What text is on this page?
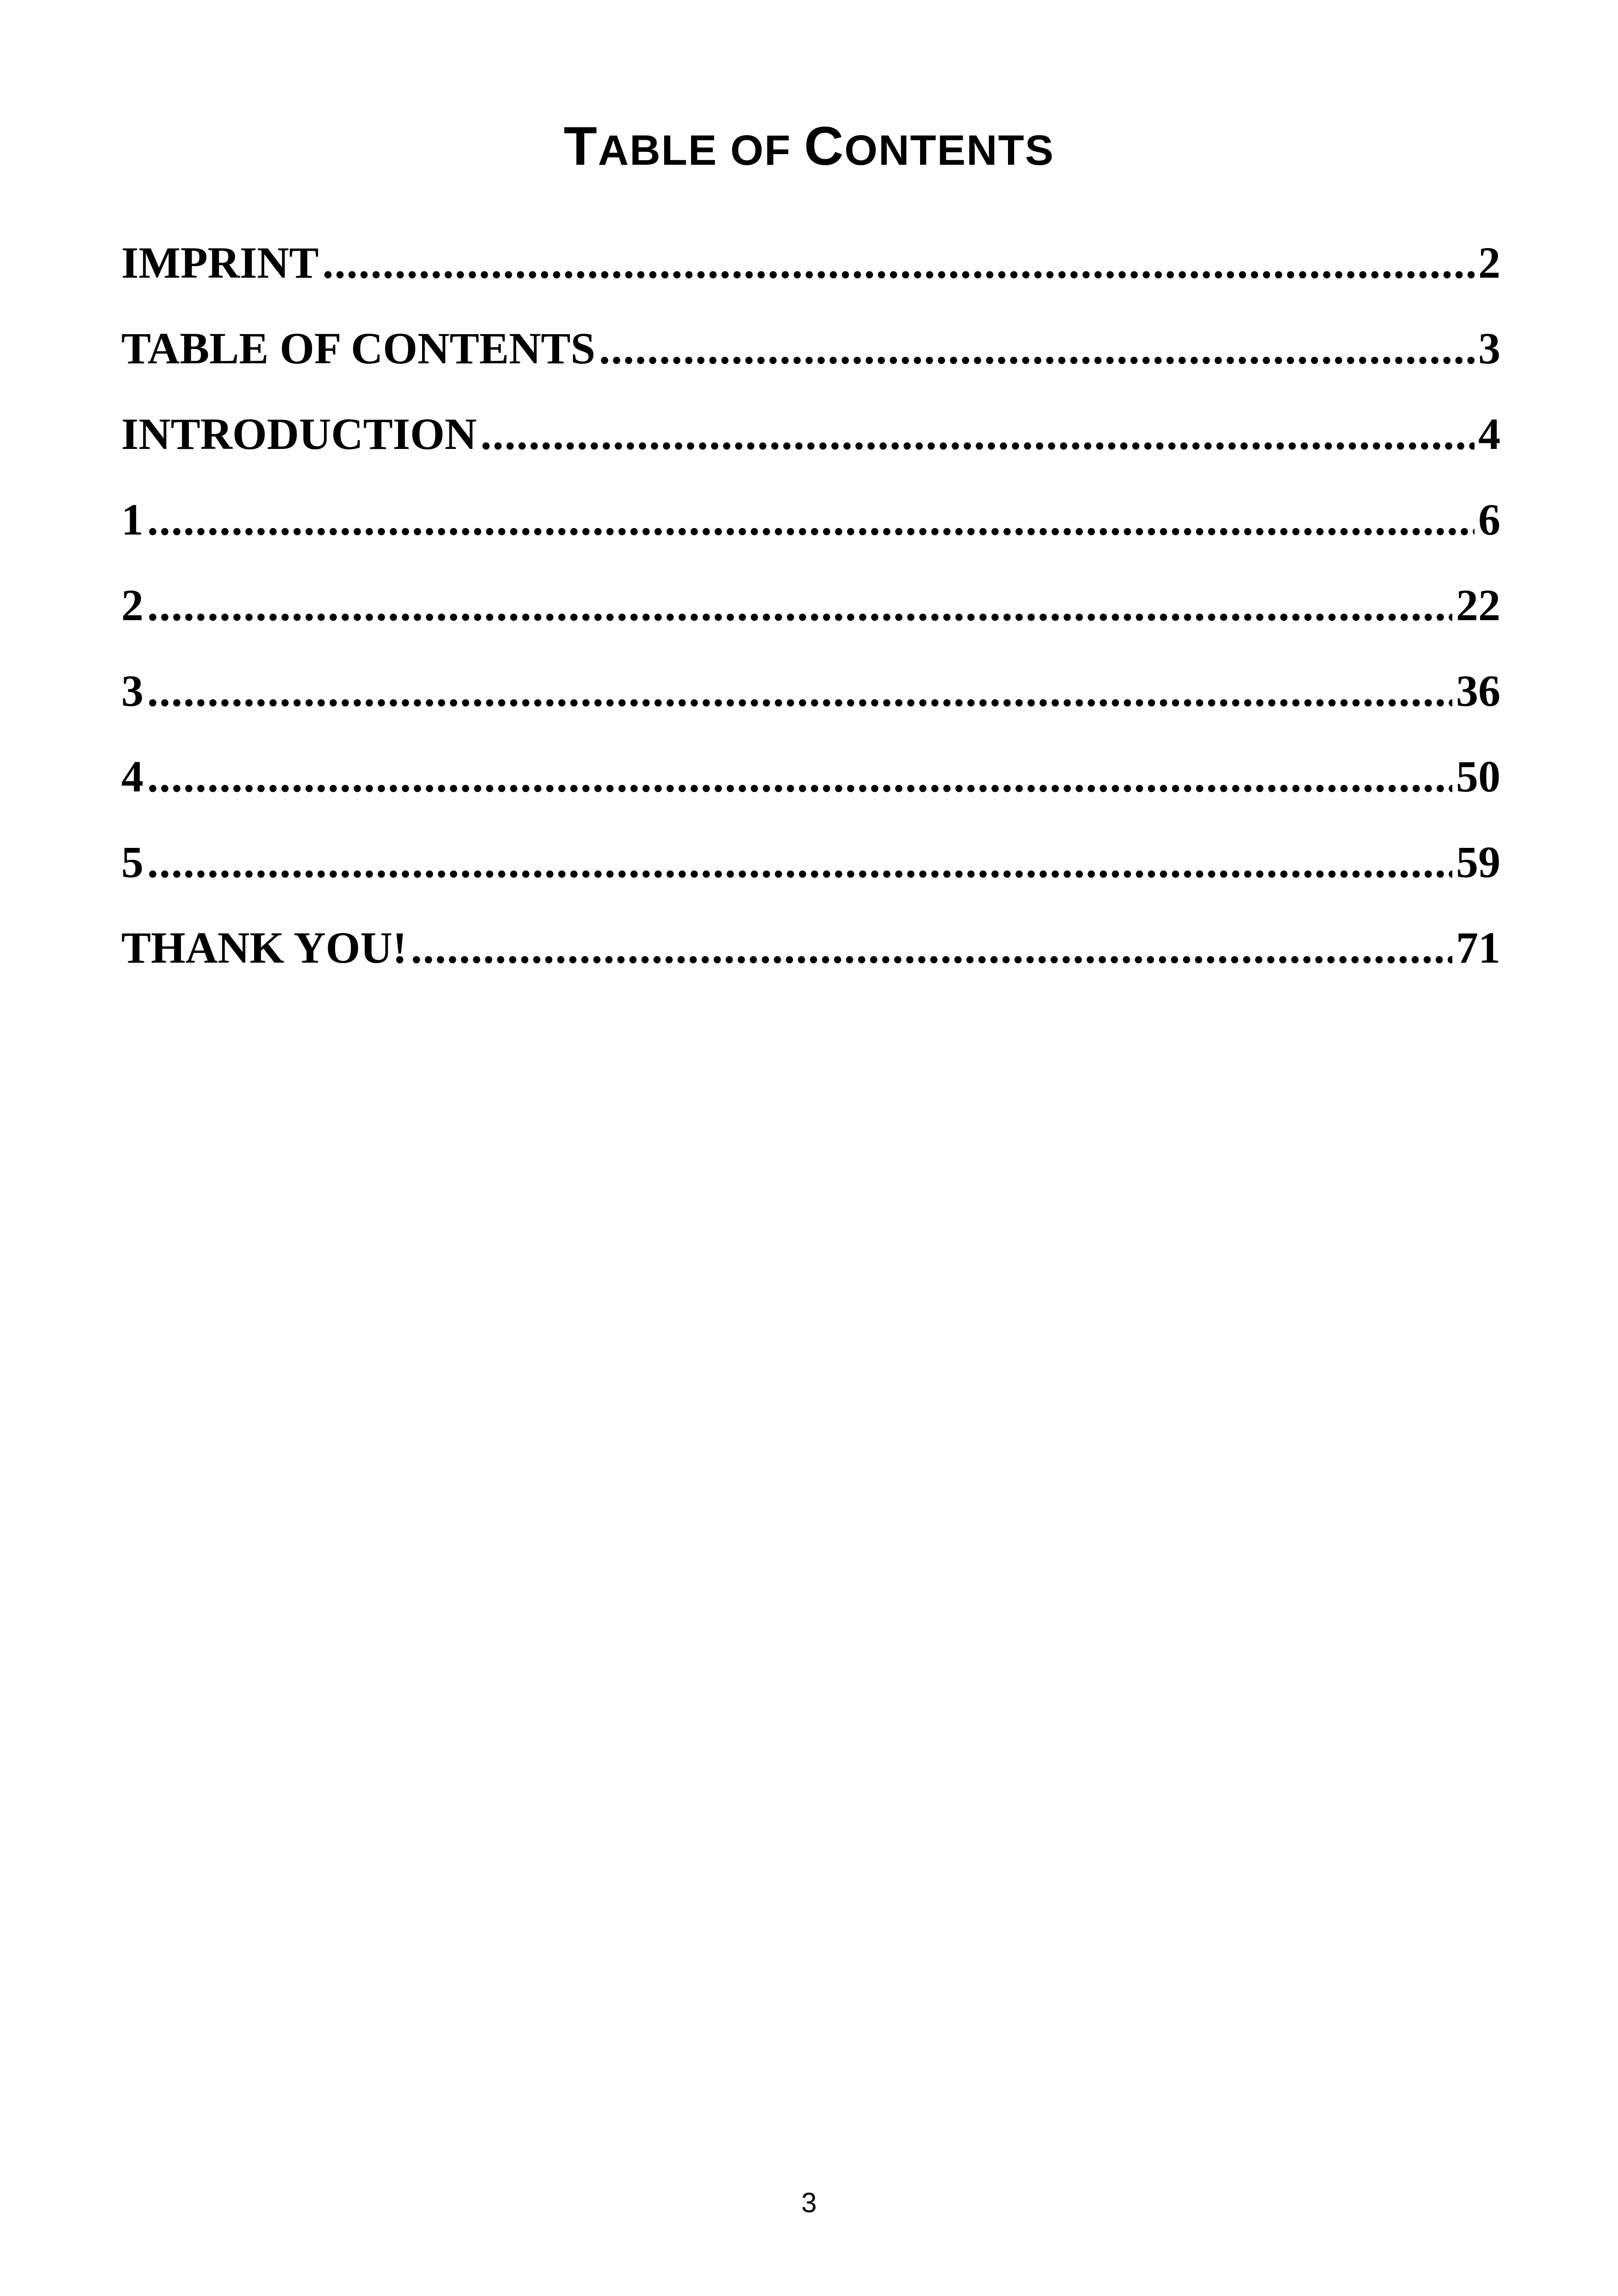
TABLE OF CONTENTS
IMPRINT .....	2
TABLE OF CONTENTS .....	3
INTRODUCTION .....	4
1 .....	6
2 .....	22
3 .....	36
4 .....	50
5 .....	59
THANK YOU! .....	71
3
